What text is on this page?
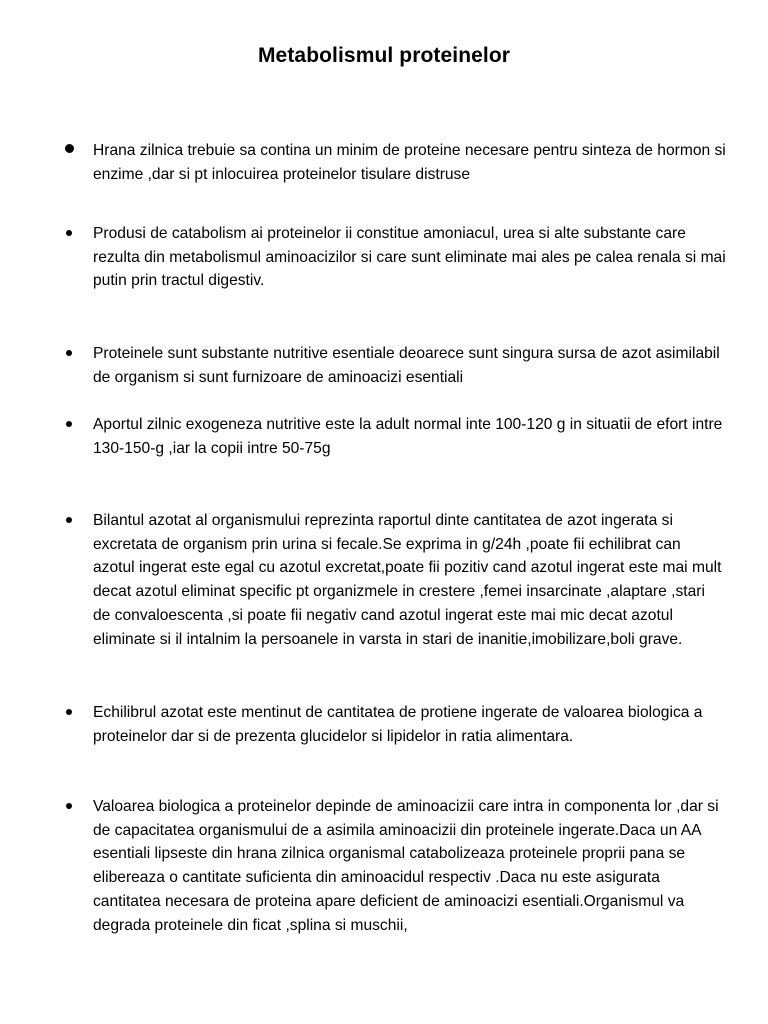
Metabolismul proteinelor
Hrana zilnica trebuie sa contina un minim de proteine necesare pentru sinteza de hormon si enzime ,dar si pt inlocuirea proteinelor tisulare distruse
Produsi de catabolism ai proteinelor ii constitue amoniacul, urea si alte substante care rezulta din metabolismul aminoacizilor si care sunt eliminate mai ales pe calea renala si mai putin prin tractul digestiv.
Proteinele sunt substante nutritive esentiale deoarece sunt singura sursa de azot asimilabil de organism si sunt furnizoare de aminoacizi esentiali
Aportul zilnic exogeneza nutritive este la adult normal inte 100-120 g in situatii de efort intre 130-150-g ,iar la copii intre 50-75g
Bilantul azotat al organismului reprezinta raportul dinte cantitatea de azot ingerata si excretata de organism prin urina si fecale.Se exprima in g/24h ,poate fii echilibrat can azotul ingerat este egal cu azotul excretat,poate fii pozitiv cand azotul ingerat este mai mult decat azotul eliminat specific pt organizmele in crestere ,femei insarcinate ,alaptare ,stari de convaloescenta ,si poate fii negativ cand azotul ingerat este mai mic decat azotul eliminate si il intalnim la persoanele in varsta in stari de inanitie,imobilizare,boli grave.
Echilibrul azotat este mentinut de cantitatea de protiene ingerate de valoarea biologica a proteinelor dar si de prezenta glucidelor si lipidelor in ratia alimentara.
Valoarea biologica a proteinelor depinde de aminoacizii care intra in componenta lor ,dar si de capacitatea organismului de a asimila aminoacizii din proteinele ingerate.Daca un AA esentiali lipseste din hrana zilnica organismal catabolizeaza proteinele proprii pana se elibereaza o cantitate suficienta din aminoacidul respectiv .Daca nu este asigurata cantitatea necesara de proteina apare deficient de aminoacizi esentiali.Organismul va degrada proteinele din ficat ,splina si muschii,
